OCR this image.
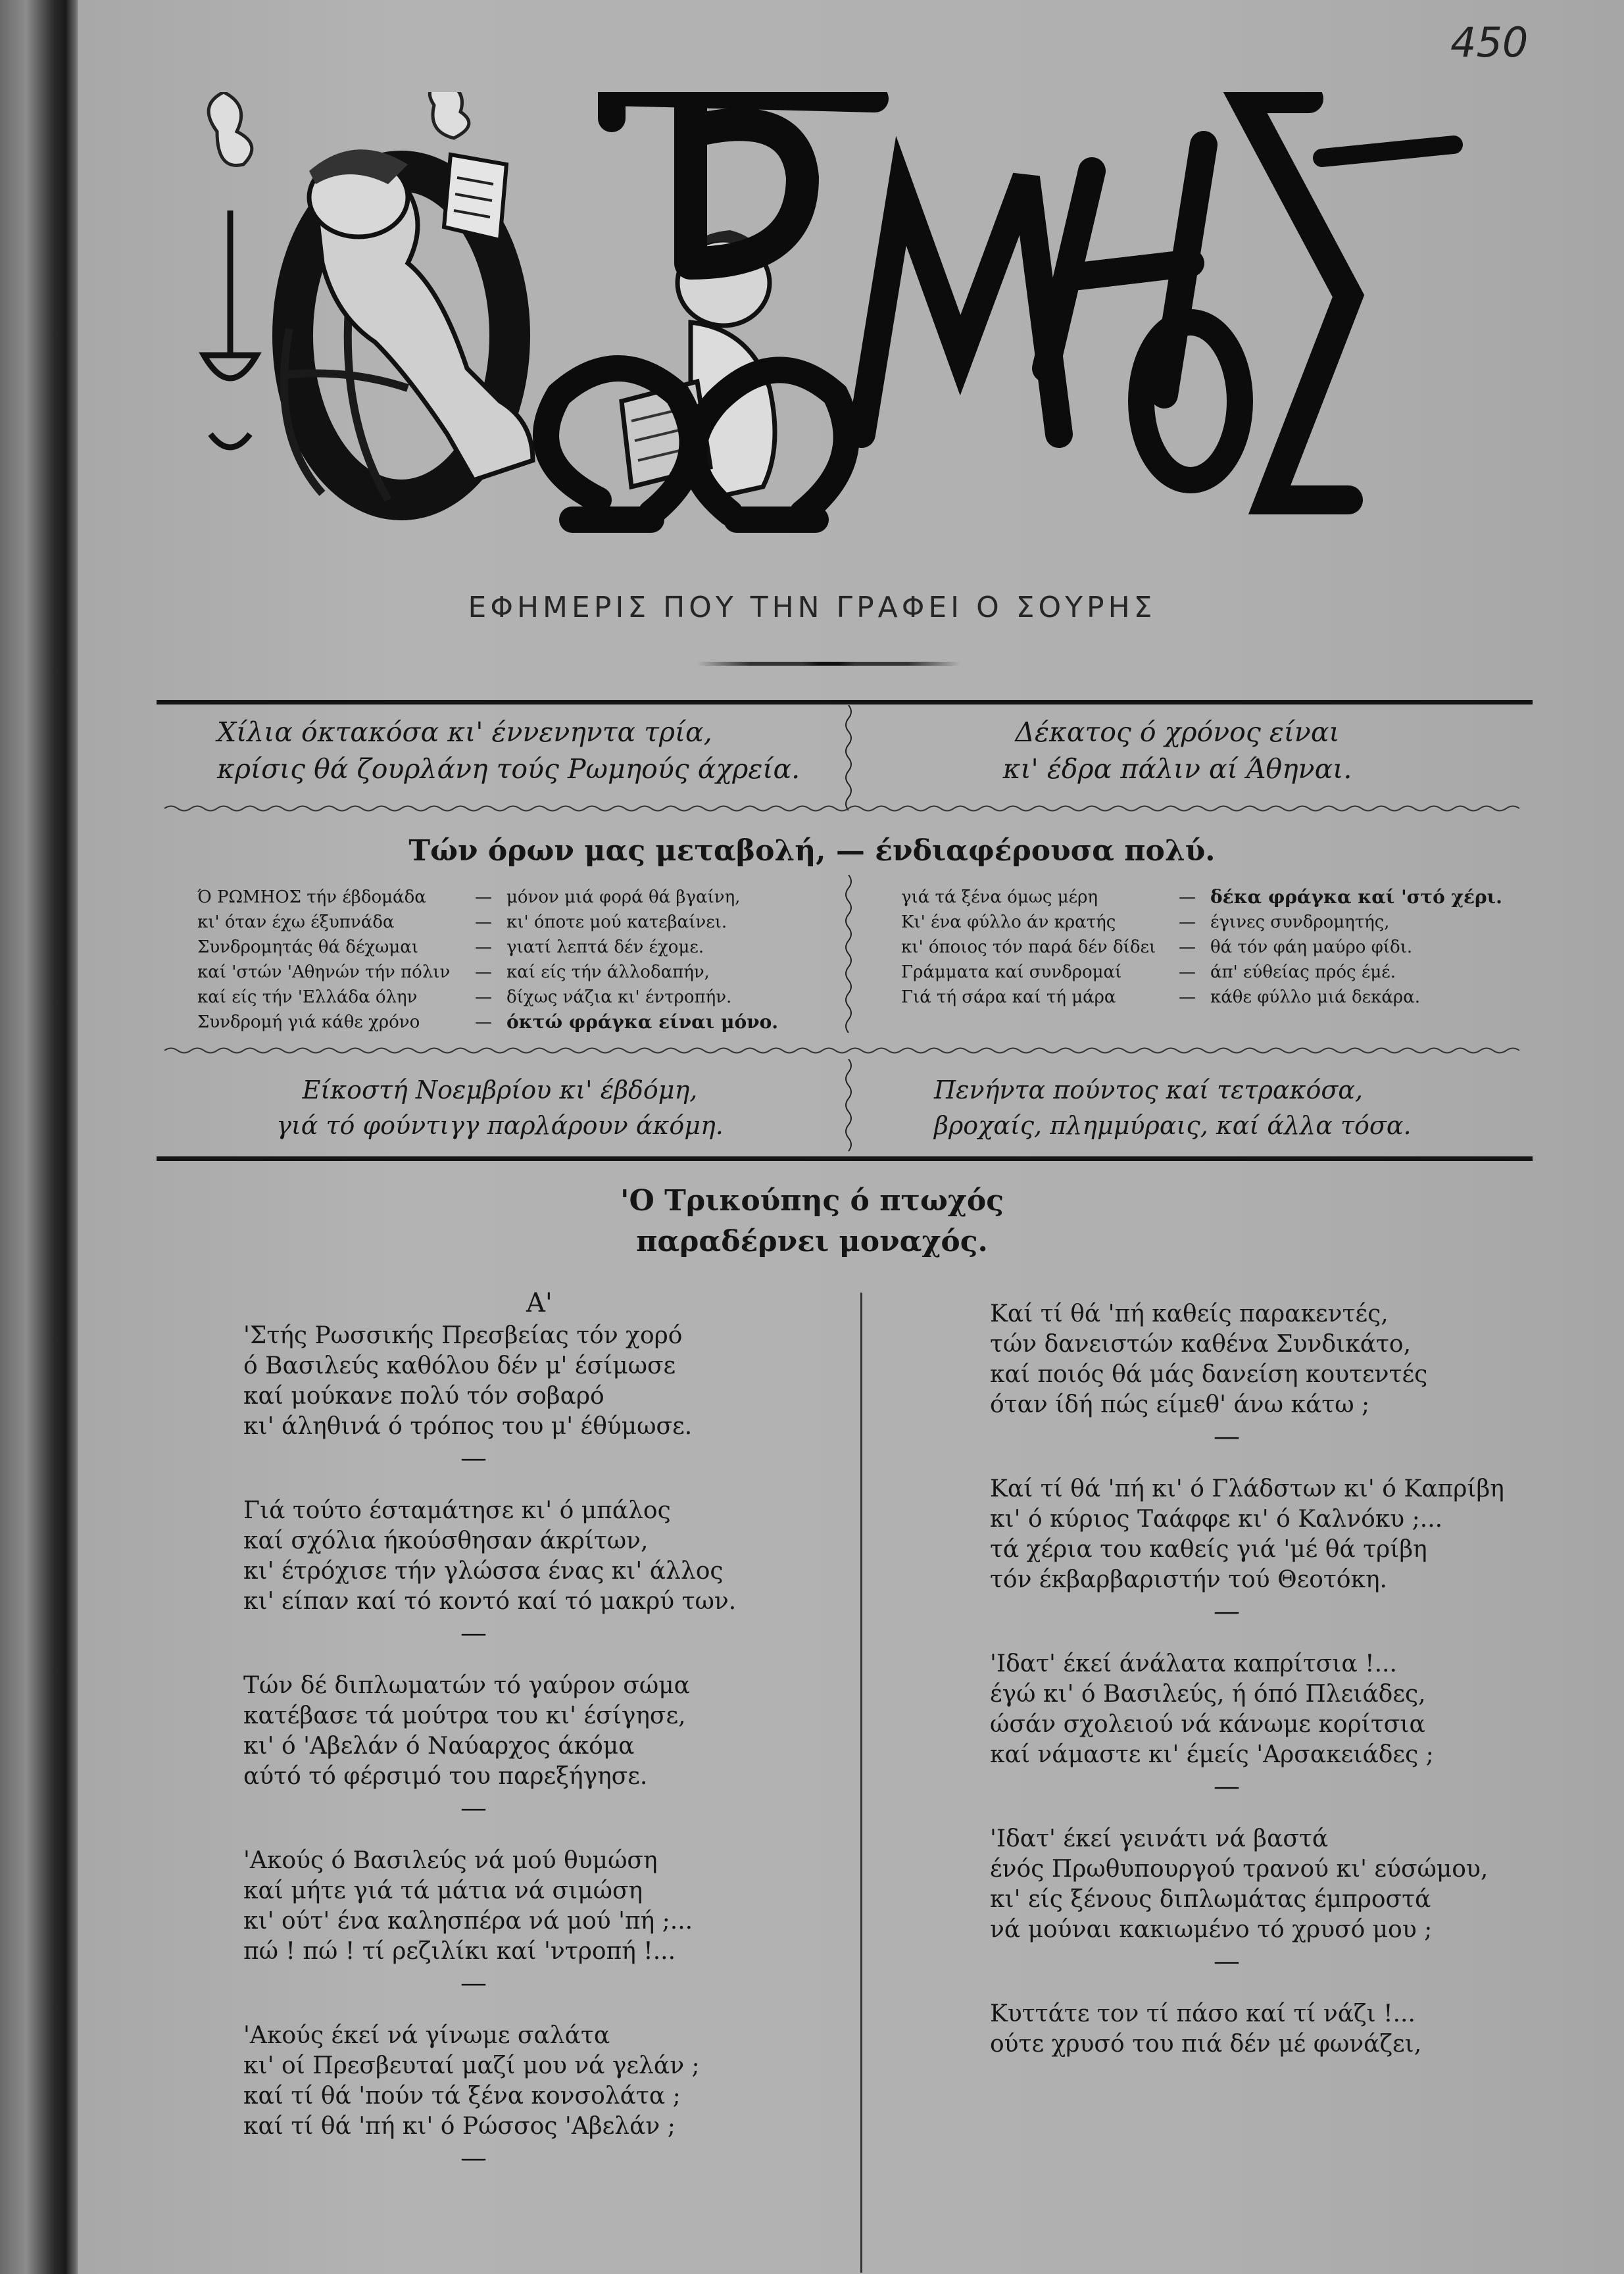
450
ΕΦΗΜΕΡΙΣ ΠΟΥ ΤΗΝ ΓΡΑΦΕΙ Ο ΣΟΥΡΗΣ
Χίλια όκτακόσα κι' έννενηντα τρία,
κρίσις θά ζουρλάνη τούς Ρωμηούς άχρεία.
Δέκατος ό χρόνος είναι
κι' έδρα πάλιν αί Άθηναι.
Τών όρων μας μεταβολή, — ένδιαφέρουσα πολύ.
Ό ΡΩΜΗΟΣ τήν έβδομάδα	— μόνον μιά φορά θά βγαίνη,
κι' όταν έχω έξυπνάδα	— κι' όποτε μού κατεβαίνει.
Συνδρομητάς θά δέχωμαι	— γιατί λεπτά δέν έχομε.
καί 'στών 'Αθηνών τήν πόλιν	— καί είς τήν άλλοδαπήν,
καί είς τήν 'Ελλάδα όλην	— δίχως νάζια κι' έντροπήν.
Συνδρομή γιά κάθε χρόνο	— όκτώ φράγκα είναι μόνο.
γιά τά ξένα όμως μέρη	— δέκα φράγκα καί 'στό χέρι.
Κι' ένα φύλλο άν κρατής	— έγινες συνδρομητής,
κι' όποιος τόν παρά δέν δίδει	— θά τόν φάη μαύρο φίδι.
Γράμματα καί συνδρομαί	— άπ' εύθείας πρός έμέ.
Γιά τή σάρα καί τή μάρα	— κάθε φύλλο μιά δεκάρα.
Είκοστή Νοεμβρίου κι' έβδόμη,
γιά τό φούντιγγ παρλάρουν άκόμη.
Πενήντα πούντος καί τετρακόσα,
βροχαίς, πλημμύραις, καί άλλα τόσα.
'Ο Τρικούπης ό πτωχός
παραδέρνει μοναχός.
Α'
'Στής Ρωσσικής Πρεσβείας τόν χορό
ό Βασιλεύς καθόλου δέν μ' έσίμωσε
καί μούκανε πολύ τόν σοβαρό
κι' άληθινά ό τρόπος του μ' έθύμωσε.
—
Γιά τούτο έσταμάτησε κι' ό μπάλος
καί σχόλια ήκούσθησαν άκρίτων,
κι' έτρόχισε τήν γλώσσα ένας κι' άλλος
κι' είπαν καί τό κοντό καί τό μακρύ των.
—
Τών δέ διπλωματών τό γαύρον σώμα
κατέβασε τά μούτρα του κι' έσίγησε,
κι' ό 'Αβελάν ό Ναύαρχος άκόμα
αύτό τό φέρσιμό του παρεξήγησε.
—
'Ακούς ό Βασιλεύς νά μού θυμώση
καί μήτε γιά τά μάτια νά σιμώση
κι' ούτ' ένα καλησπέρα νά μού 'πή ;...
πώ ! πώ ! τί ρεζιλίκι καί 'ντροπή !...
—
'Ακούς έκεί νά γίνωμε σαλάτα
κι' οί Πρεσβευταί μαζί μου νά γελάν ;
καί τί θά 'πούν τά ξένα κονσολάτα ;
καί τί θά 'πή κι' ό Ρώσσος 'Αβελάν ;
—
Καί τί θά 'πή καθείς παρακεντές,
τών δανειστών καθένα Συνδικάτο,
καί ποιός θά μάς δανείση κουτεντές
όταν ίδή πώς είμεθ' άνω κάτω ;
—
Καί τί θά 'πή κι' ό Γλάδστων κι' ό Καπρίβη
κι' ό κύριος Ταάφφε κι' ό Καλνόκυ ;...
τά χέρια του καθείς γιά 'μέ θά τρίβη
τόν έκβαρβαριστήν τού Θεοτόκη.
—
'Ιδατ' έκεί άνάλατα καπρίτσια !...
έγώ κι' ό Βασιλεύς, ή όπό Πλειάδες,
ώσάν σχολειού νά κάνωμε κορίτσια
καί νάμαστε κι' έμείς 'Αρσακειάδες ;
—
'Ιδατ' έκεί γεινάτι νά βαστά
ένός Πρωθυπουργού τρανού κι' εύσώμου,
κι' είς ξένους διπλωμάτας έμπροστά
νά μούναι κακιωμένο τό χρυσό μου ;
—
Κυττάτε τον τί πάσο καί τί νάζι !...
ούτε χρυσό του πιά δέν μέ φωνάζει,
